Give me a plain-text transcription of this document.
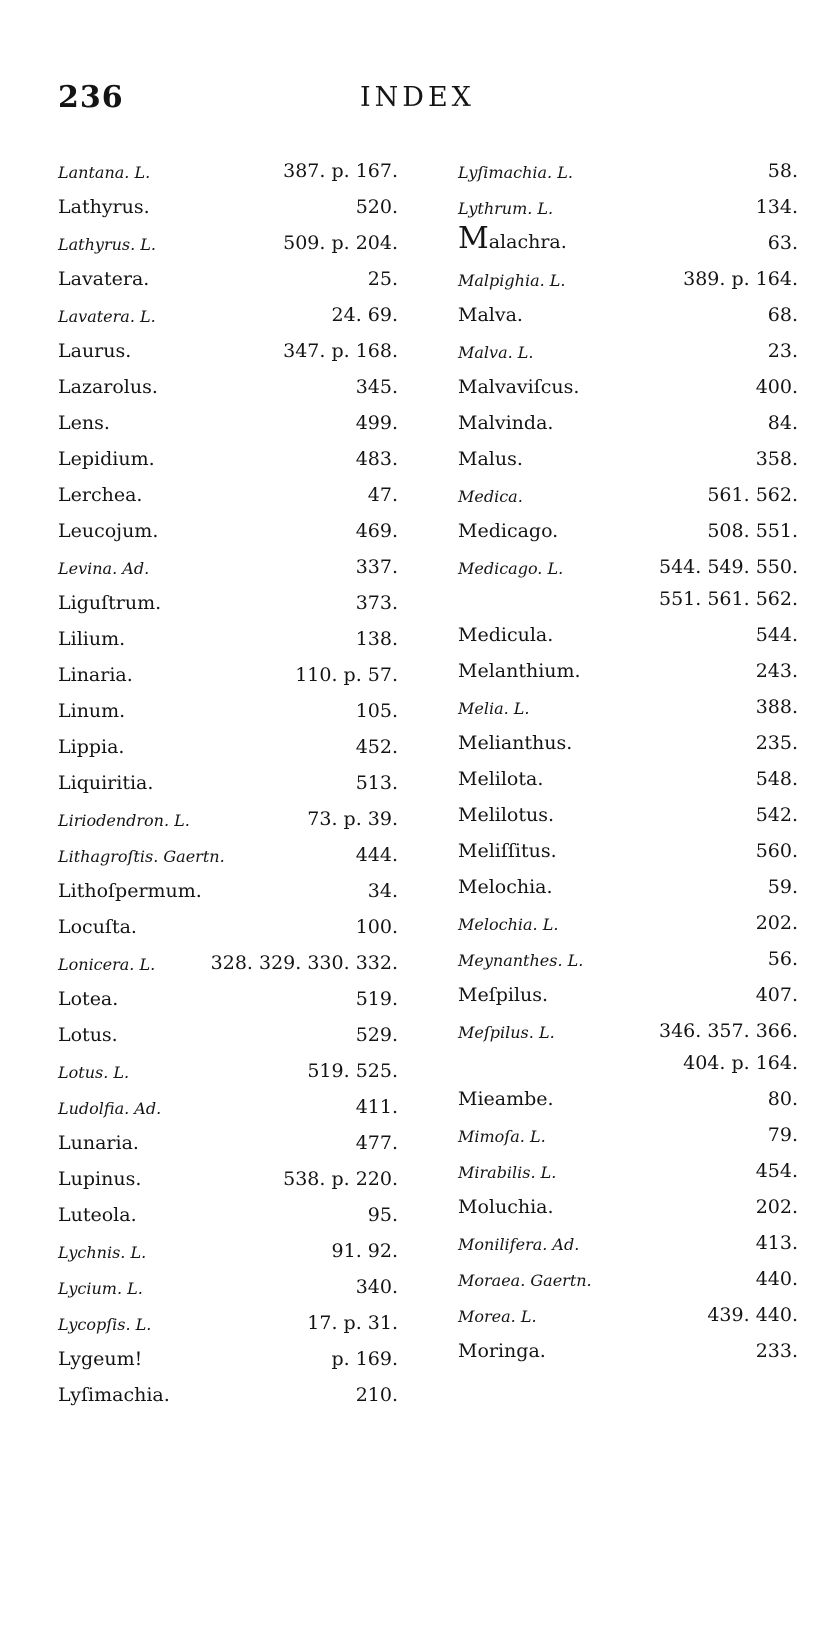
236	INDEX
Lantana. L.	387. p. 167.
Lathyrus.	520.
Lathyrus. L.	509. p. 204.
Lavatera.	25.
Lavatera. L.	24. 69.
Laurus.	347. p. 168.
Lazarolus.	345.
Lens.	499.
Lepidium.	483.
Lerchea.	47.
Leucojum.	469.
Levina. Ad.	337.
Liguſtrum.	373.
Lilium.	138.
Linaria.	110. p. 57.
Linum.	105.
Lippia.	452.
Liquiritia.	513.
Liriodendron. L.	73. p. 39.
Lithagroſtis. Gaertn.	444.
Lithoſpermum.	34.
Locuſta.	100.
Lonicera. L.	328. 329. 330. 332.
Lotea.	519.
Lotus.	529.
Lotus. L.	519. 525.
Ludolfia. Ad.	411.
Lunaria.	477.
Lupinus.	538. p. 220.
Luteola.	95.
Lychnis. L.	91. 92.
Lycium. L.	340.
Lycopſis. L.	17. p. 31.
Lygeum!	p. 169.
Lyſimachia.	210.
Lyſimachia. L.	58.
Lythrum. L.	134.
Malachra.	63.
Malpighia. L.	389. p. 164.
Malva.	68.
Malva. L.	23.
Malvaviſcus.	400.
Malvinda.	84.
Malus.	358.
Medica.	561. 562.
Medicago.	508. 551.
Medicago. L.	544. 549. 550.
551. 561. 562.
Medicula.	544.
Melanthium.	243.
Melia. L.	388.
Melianthus.	235.
Melilota.	548.
Melilotus.	542.
Meliſſitus.	560.
Melochia.	59.
Melochia. L.	202.
Meynanthes. L.	56.
Meſpilus.	407.
Meſpilus. L.	346. 357. 366.
404. p. 164.
Mieambe.	80.
Mimoſa. L.	79.
Mirabilis. L.	454.
Moluchia.	202.
Monilifera. Ad.	413.
Moraea. Gaertn.	440.
Morea. L.	439. 440.
Moringa.	233.
